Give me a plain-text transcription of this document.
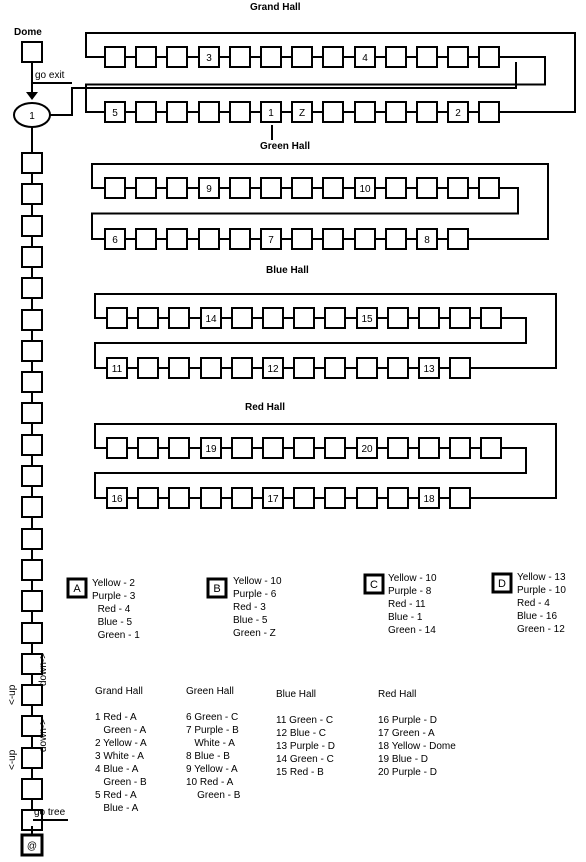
1
@
3	4
5	1	Z	2
9	10
6	7	8
14	15
11	12	13
19	20
16	17	18
A	B	C	D
Grand Hall
Dome
Green Hall
Blue Hall
Red Hall
go exit
go tree
<-up
down->
<-up
down->
Yellow - 2
Purple - 3
Red - 4
Blue - 5
Green - 1
Yellow - 10
Purple - 6
Red - 3
Blue - 5
Green - Z
Yellow - 10
Purple - 8
Red - 11
Blue - 1
Green - 14
Yellow - 13
Purple - 10
Red - 4
Blue - 16
Green - 12
Grand Hall

1 Red - A
Green - A
2 Yellow - A
3 White - A
4 Blue - A
Green - B
5 Red - A
Blue - A
Green Hall

6 Green - C
7 Purple - B
White - A
8 Blue - B
9 Yellow - A
10 Red - A
Green - B
Blue Hall

11 Green - C
12 Blue - C
13 Purple - D
14 Green - C
15 Red - B
Red Hall

16 Purple - D
17 Green - A
18 Yellow - Dome
19 Blue - D
20 Purple - D
